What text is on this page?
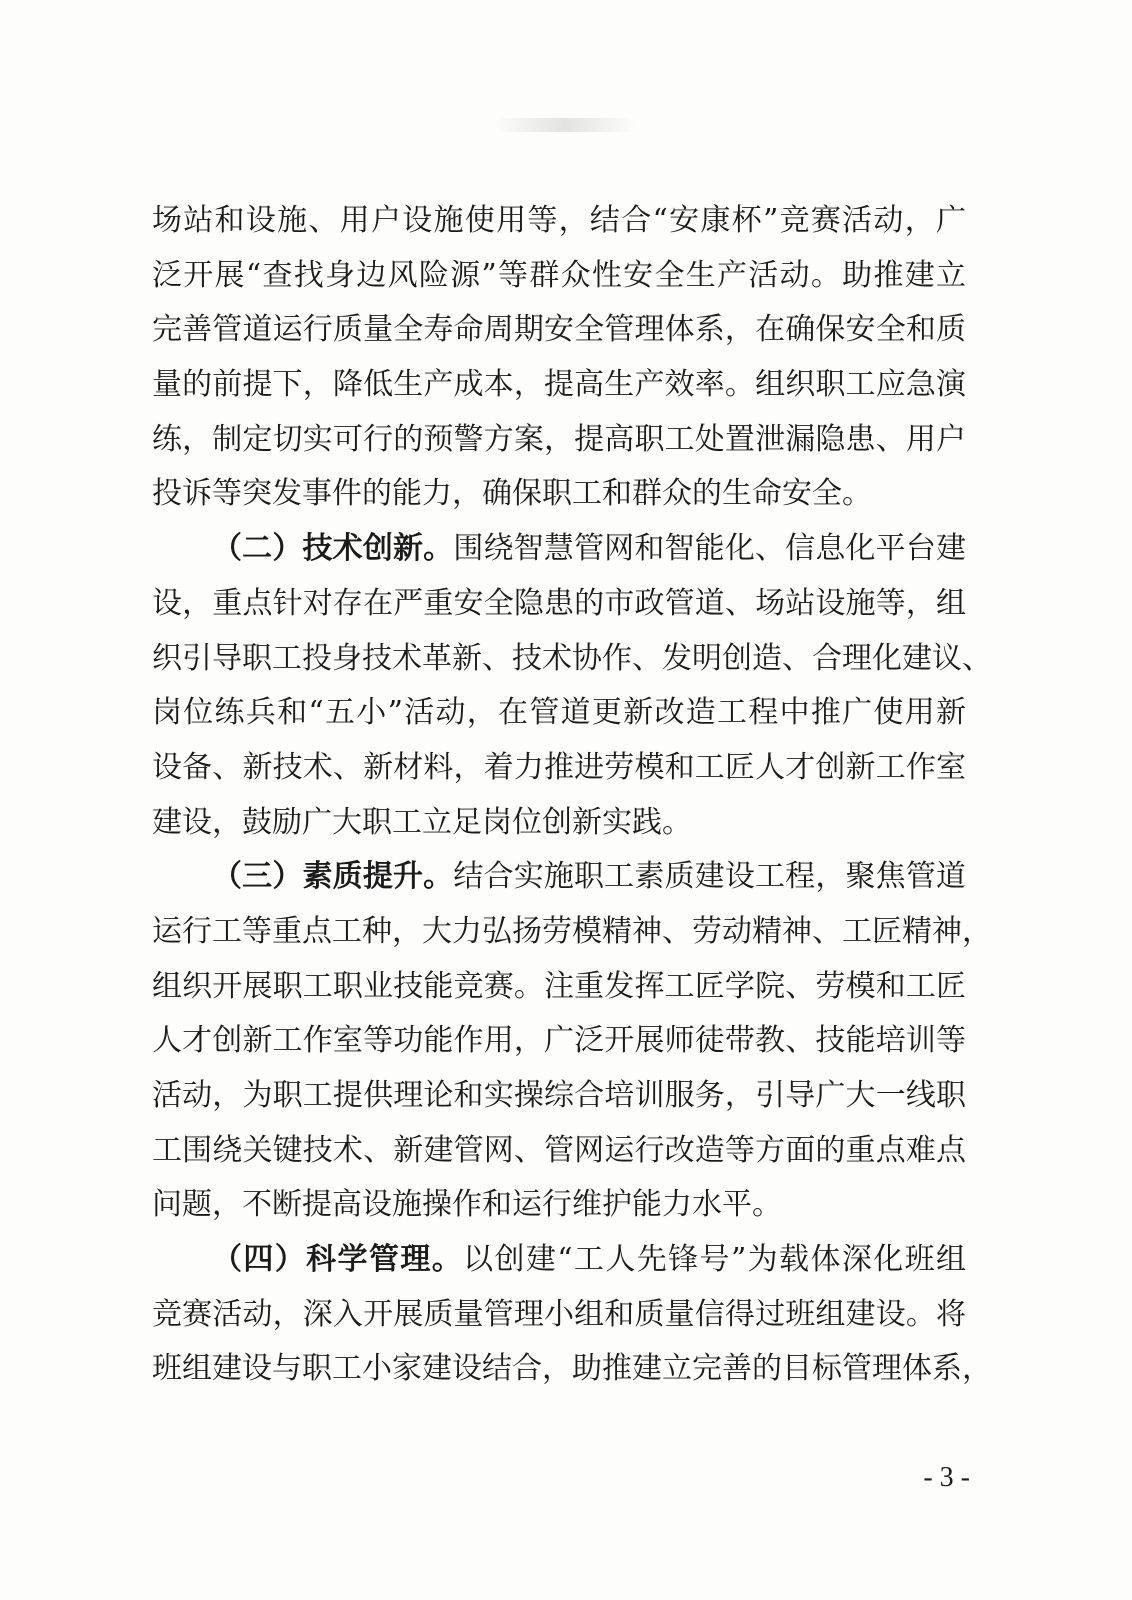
场站和设施、用户设施使用等，结合“安康杯”竞赛活动，广
泛开展“查找身边风险源”等群众性安全生产活动。助推建立
完善管道运行质量全寿命周期安全管理体系，在确保安全和质
量的前提下，降低生产成本，提高生产效率。组织职工应急演
练，制定切实可行的预警方案，提高职工处置泄漏隐患、用户
投诉等突发事件的能力，确保职工和群众的生命安全。
（二）技术创新。围绕智慧管网和智能化、信息化平台建
设，重点针对存在严重安全隐患的市政管道、场站设施等，组
织引导职工投身技术革新、技术协作、发明创造、合理化建议、
岗位练兵和“五小”活动，在管道更新改造工程中推广使用新
设备、新技术、新材料，着力推进劳模和工匠人才创新工作室
建设，鼓励广大职工立足岗位创新实践。
（三）素质提升。结合实施职工素质建设工程，聚焦管道
运行工等重点工种，大力弘扬劳模精神、劳动精神、工匠精神，
组织开展职工职业技能竞赛。注重发挥工匠学院、劳模和工匠
人才创新工作室等功能作用，广泛开展师徒带教、技能培训等
活动，为职工提供理论和实操综合培训服务，引导广大一线职
工围绕关键技术、新建管网、管网运行改造等方面的重点难点
问题，不断提高设施操作和运行维护能力水平。
（四）科学管理。以创建“工人先锋号”为载体深化班组
竞赛活动，深入开展质量管理小组和质量信得过班组建设。将
班组建设与职工小家建设结合，助推建立完善的目标管理体系，
- 3 -
